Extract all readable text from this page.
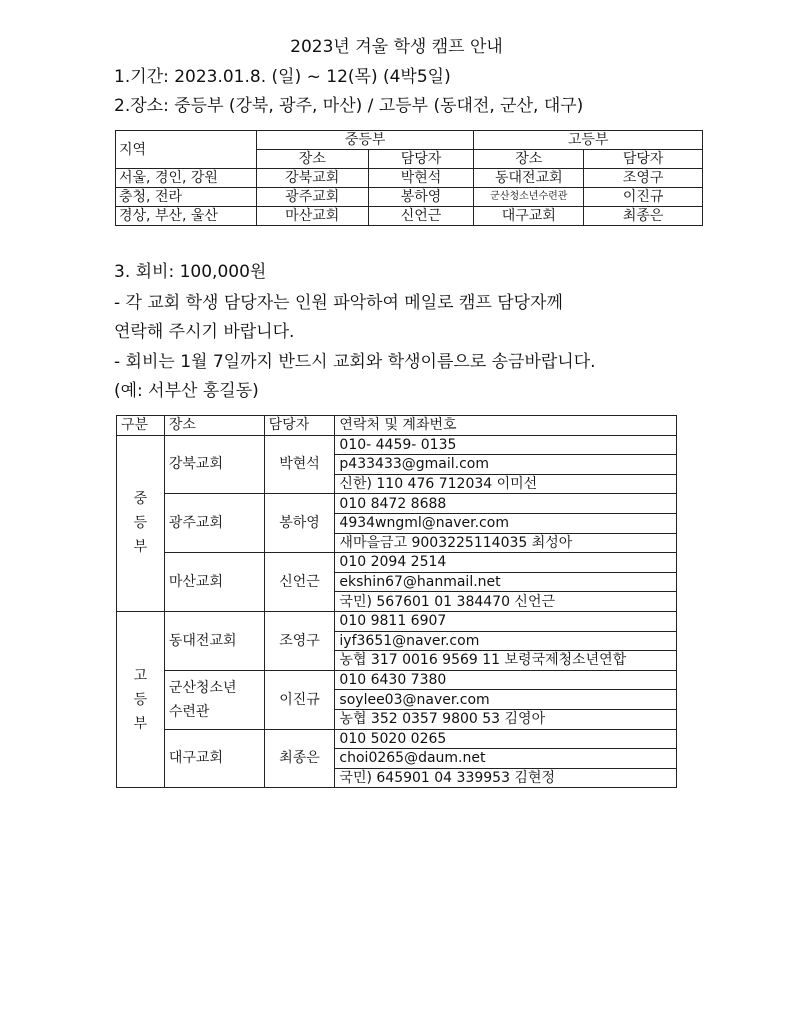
2023년 겨울 학생 캠프 안내
1.기간: 2023.01.8. (일) ~ 12(목) (4박5일)
2.장소: 중등부 (강북, 광주, 마산) / 고등부 (동대전, 군산, 대구)
지역	중등부		고등부	
	장소	담당자	장소	담당자
서울, 경인, 강원	강북교회	박현석	동대전교회	조영구
충청, 전라	광주교회	봉하영	군산청소년수련관	이진규
경상, 부산, 울산	마산교회	신언근	대구교회	최종은
3. 회비: 100,000원
- 각 교회 학생 담당자는 인원 파악하여 메일로 캠프 담당자께
연락해 주시기 바랍니다.
- 회비는 1월 7일까지 반드시 교회와 학생이름으로 송금바랍니다.
(예: 서부산 홍길동)
구분	장소	담당자	연락처 및 계좌번호

중
등
부	강북교회	박현석	010- 4459- 0135
			p433433@gmail.com
			신한) 110 476 712034 이미선
	광주교회	봉하영	010 8472 8688
			4934wngml@naver.com
			새마을금고 9003225114035 최성아
	마산교회	신언근	010 2094 2514
			ekshin67@hanmail.net
			국민) 567601 01 384470 신언근

고
등
부	동대전교회	조영구	010 9811 6907
			iyf3651@naver.com
			농협 317 0016 9569 11 보령국제청소년연합
	군산청소년
수련관	이진규	010 6430 7380
			soylee03@naver.com
			농협 352 0357 9800 53 김영아
	대구교회	최종은	010 5020 0265
			choi0265@daum.net
			국민) 645901 04 339953 김현정
